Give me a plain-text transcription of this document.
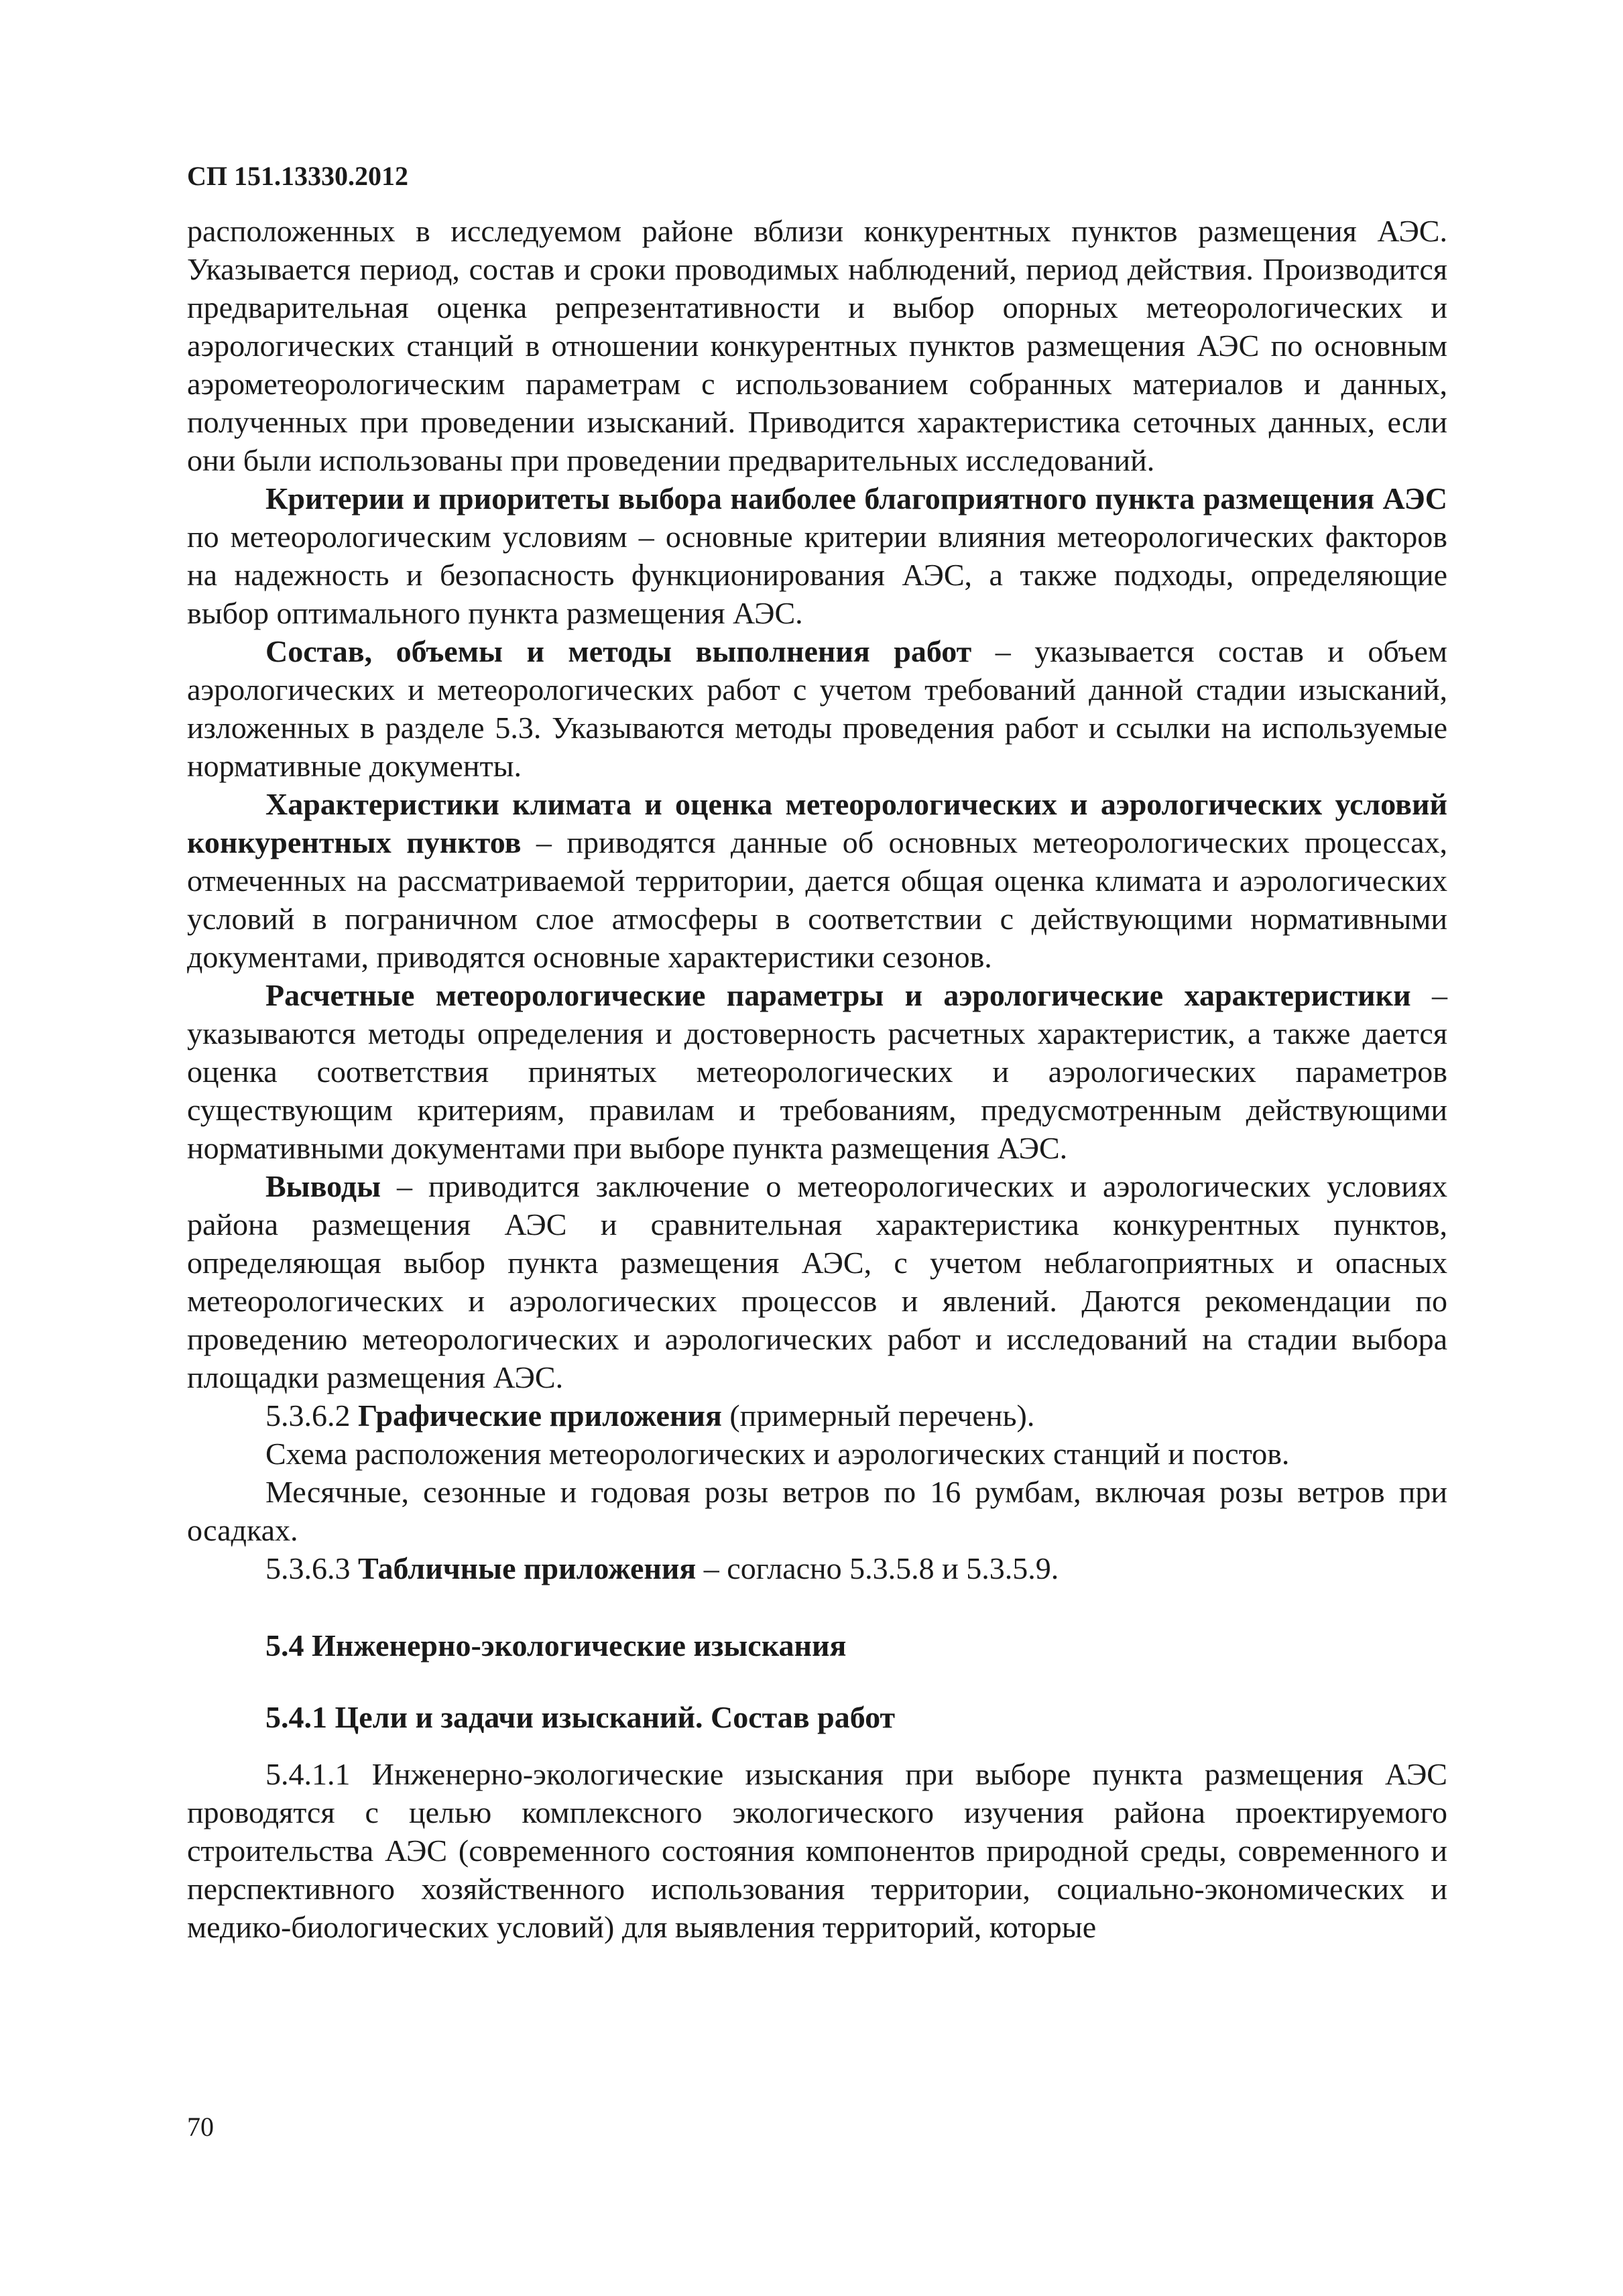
СП 151.13330.2012

расположенных в исследуемом районе вблизи конкурентных пунктов размещения АЭС. Указывается период, состав и сроки проводимых наблюдений, период действия. Производится предварительная оценка репрезентативности и выбор опорных метеорологических и аэрологических станций в отношении конкурентных пунктов размещения АЭС по основным аэрометеорологическим параметрам с использованием собранных материалов и данных, полученных при проведении изысканий. Приводится характеристика сеточных данных, если они были использованы при проведении предварительных исследований.

Критерии и приоритеты выбора наиболее благоприятного пункта размещения АЭС по метеорологическим условиям – основные критерии влияния метеорологических факторов на надежность и безопасность функционирования АЭС, а также подходы, определяющие выбор оптимального пункта размещения АЭС.

Состав, объемы и методы выполнения работ – указывается состав и объем аэрологических и метеорологических работ с учетом требований данной стадии изысканий, изложенных в разделе 5.3. Указываются методы проведения работ и ссылки на используемые нормативные документы.

Характеристики климата и оценка метеорологических и аэрологических условий конкурентных пунктов – приводятся данные об основных метеорологических процессах, отмеченных на рассматриваемой территории, дается общая оценка климата и аэрологических условий в пограничном слое атмосферы в соответствии с действующими нормативными документами, приводятся основные характеристики сезонов.

Расчетные метеорологические параметры и аэрологические характеристики – указываются методы определения и достоверность расчетных характеристик, а также дается оценка соответствия принятых метеорологических и аэрологических параметров существующим критериям, правилам и требованиям, предусмотренным действующими нормативными документами при выборе пункта размещения АЭС.

Выводы – приводится заключение о метеорологических и аэрологических условиях района размещения АЭС и сравнительная характеристика конкурентных пунктов, определяющая выбор пункта размещения АЭС, с учетом неблагоприятных и опасных метеорологических и аэрологических процессов и явлений. Даются рекомендации по проведению метеорологических и аэрологических работ и исследований на стадии выбора площадки размещения АЭС.

5.3.6.2 Графические приложения (примерный перечень).

Схема расположения метеорологических и аэрологических станций и постов.

Месячные, сезонные и годовая розы ветров по 16 румбам, включая розы ветров при осадках.

5.3.6.3 Табличные приложения – согласно 5.3.5.8 и 5.3.5.9.

5.4 Инженерно-экологические изыскания
5.4.1 Цели и задачи изысканий. Состав работ

5.4.1.1 Инженерно-экологические изыскания при выборе пункта размещения АЭС проводятся с целью комплексного экологического изучения района проектируемого строительства АЭС (современного состояния компонентов природной среды, современного и перспективного хозяйственного использования территории, социально-экономических и медико-биологических условий) для выявления территорий, которые

70
